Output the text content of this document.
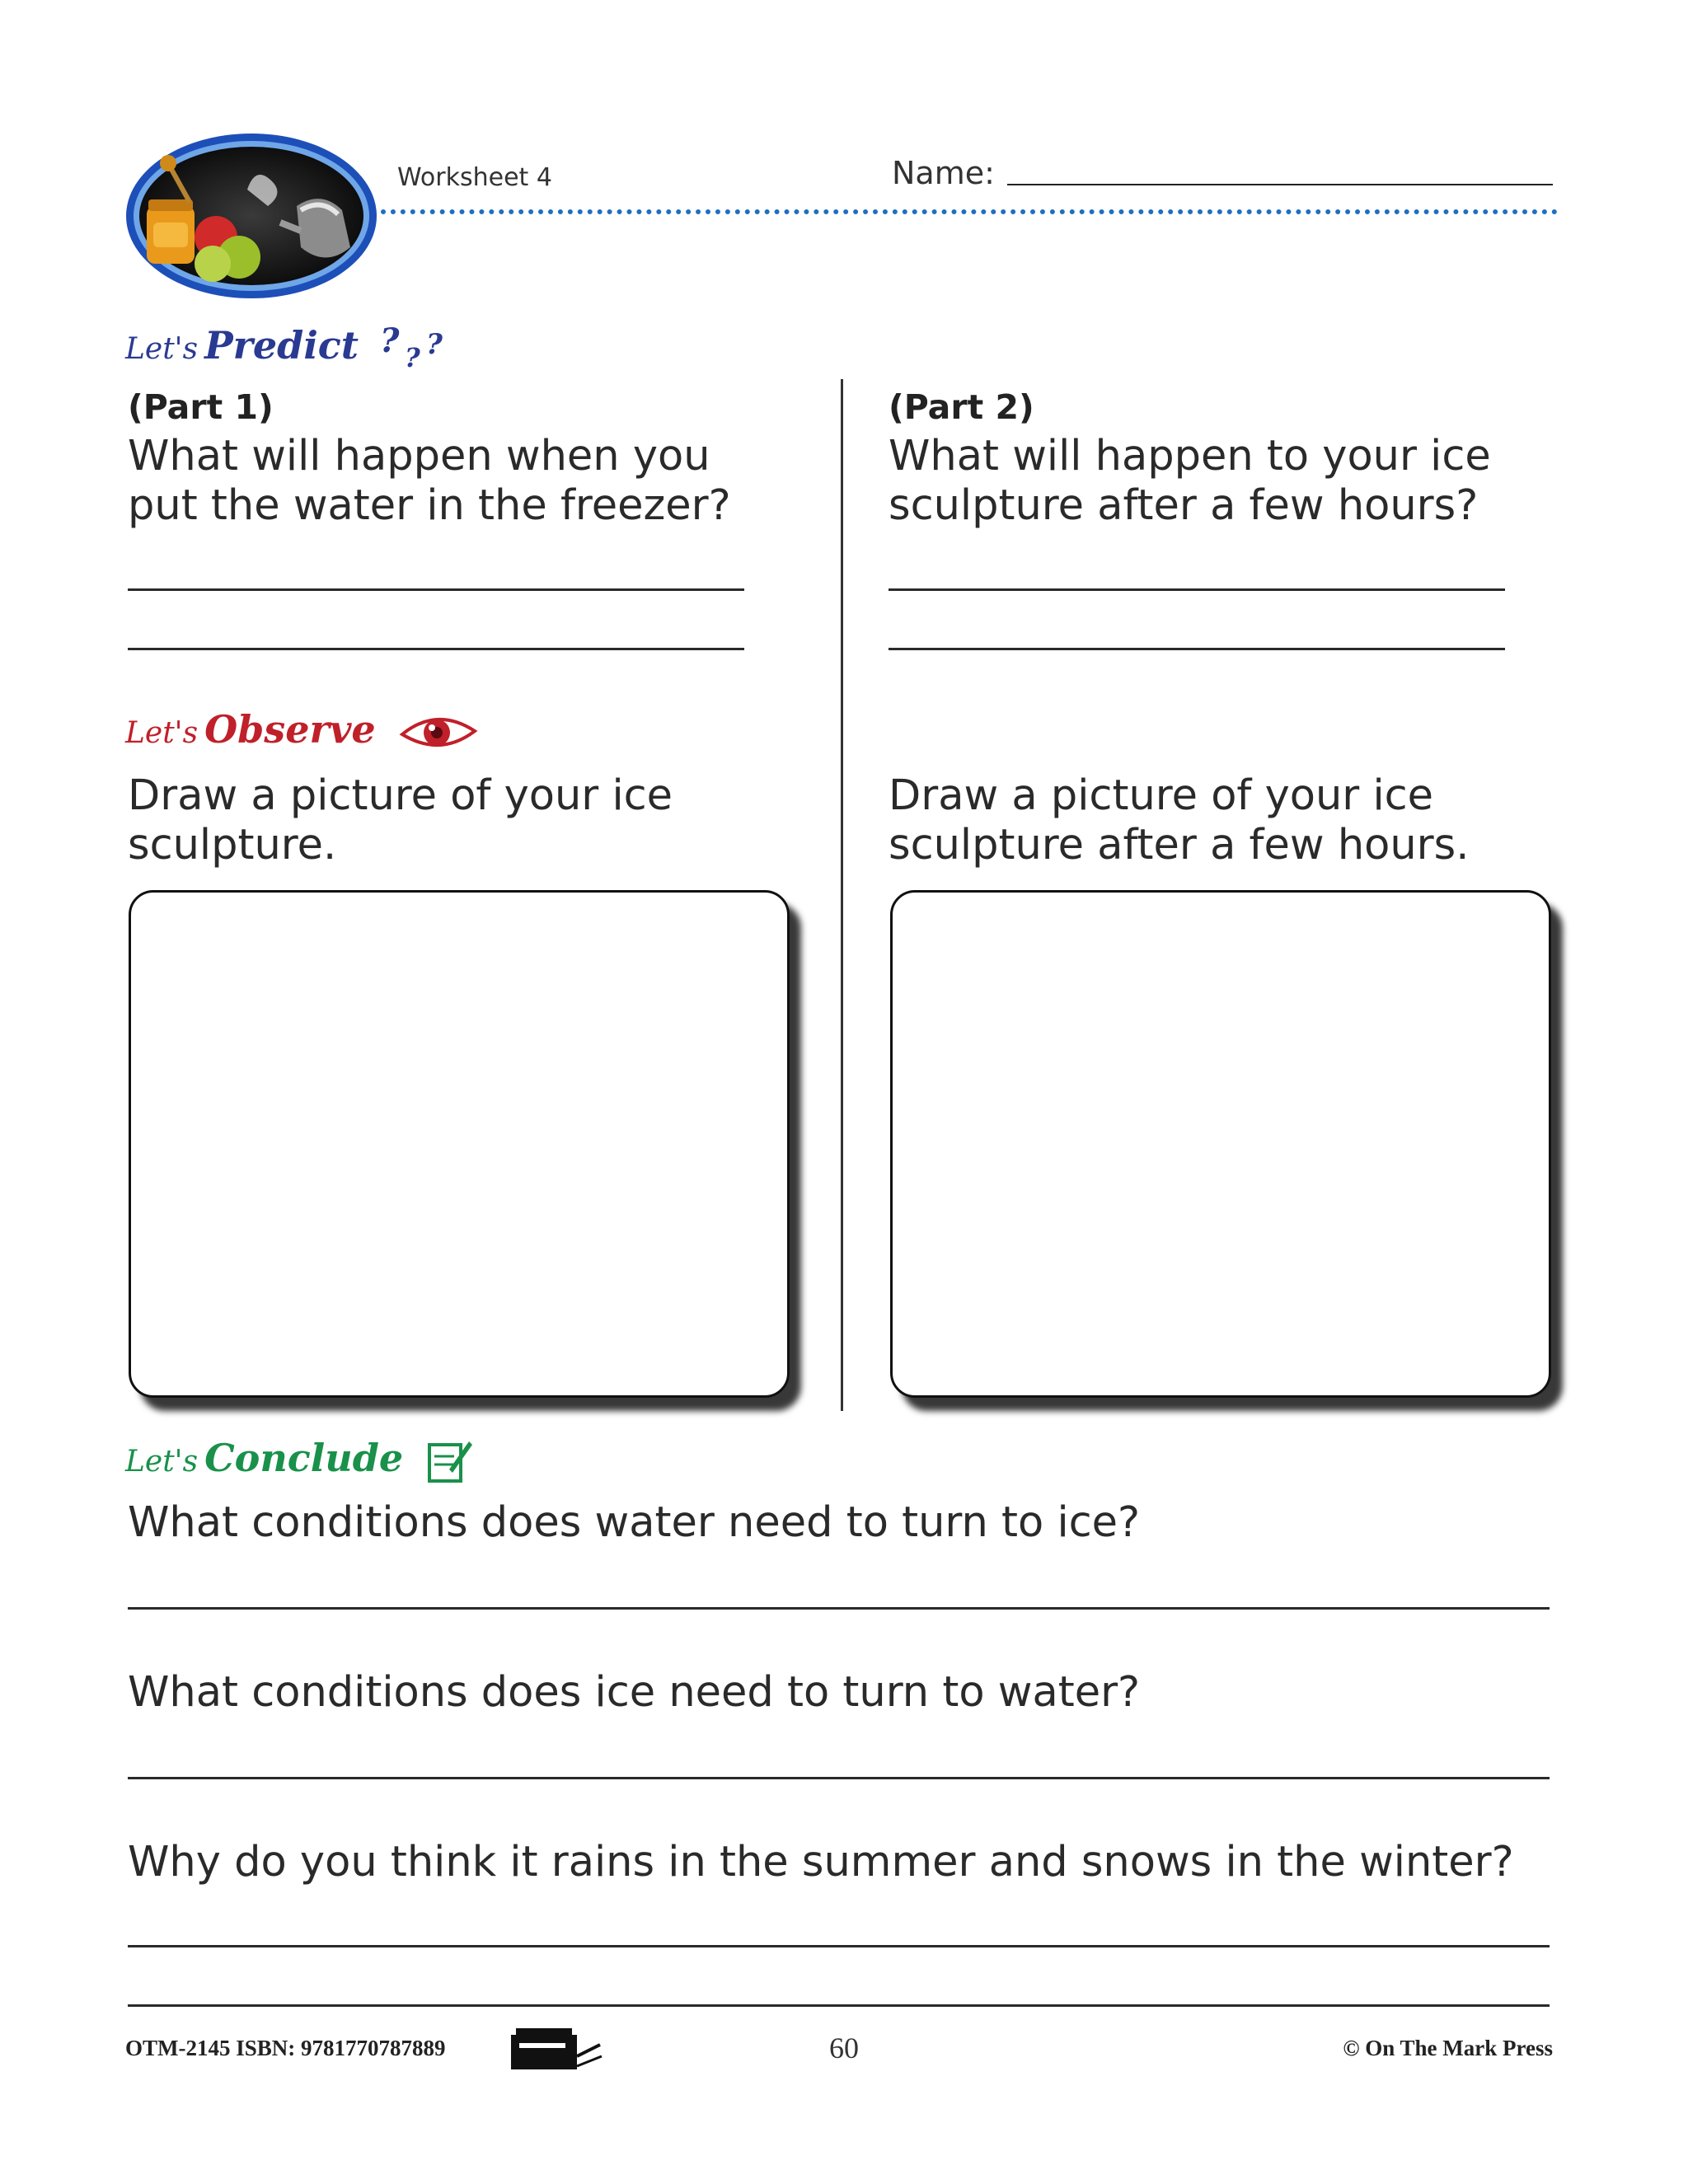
Worksheet 4	Name:
Let's Predict ? ? ?
(Part 1)
What will happen when you
put the water in the freezer?
(Part 2)
What will happen to your ice
sculpture after a few hours?
Let's Observe
Draw a picture of your ice
sculpture.
Draw a picture of your ice
sculpture after a few hours.
Let's Conclude
What conditions does water need to turn to ice?
What conditions does ice need to turn to water?
Why do you think it rains in the summer and snows in the winter?
OTM-2145 ISBN: 9781770787889	60	© On The Mark Press
